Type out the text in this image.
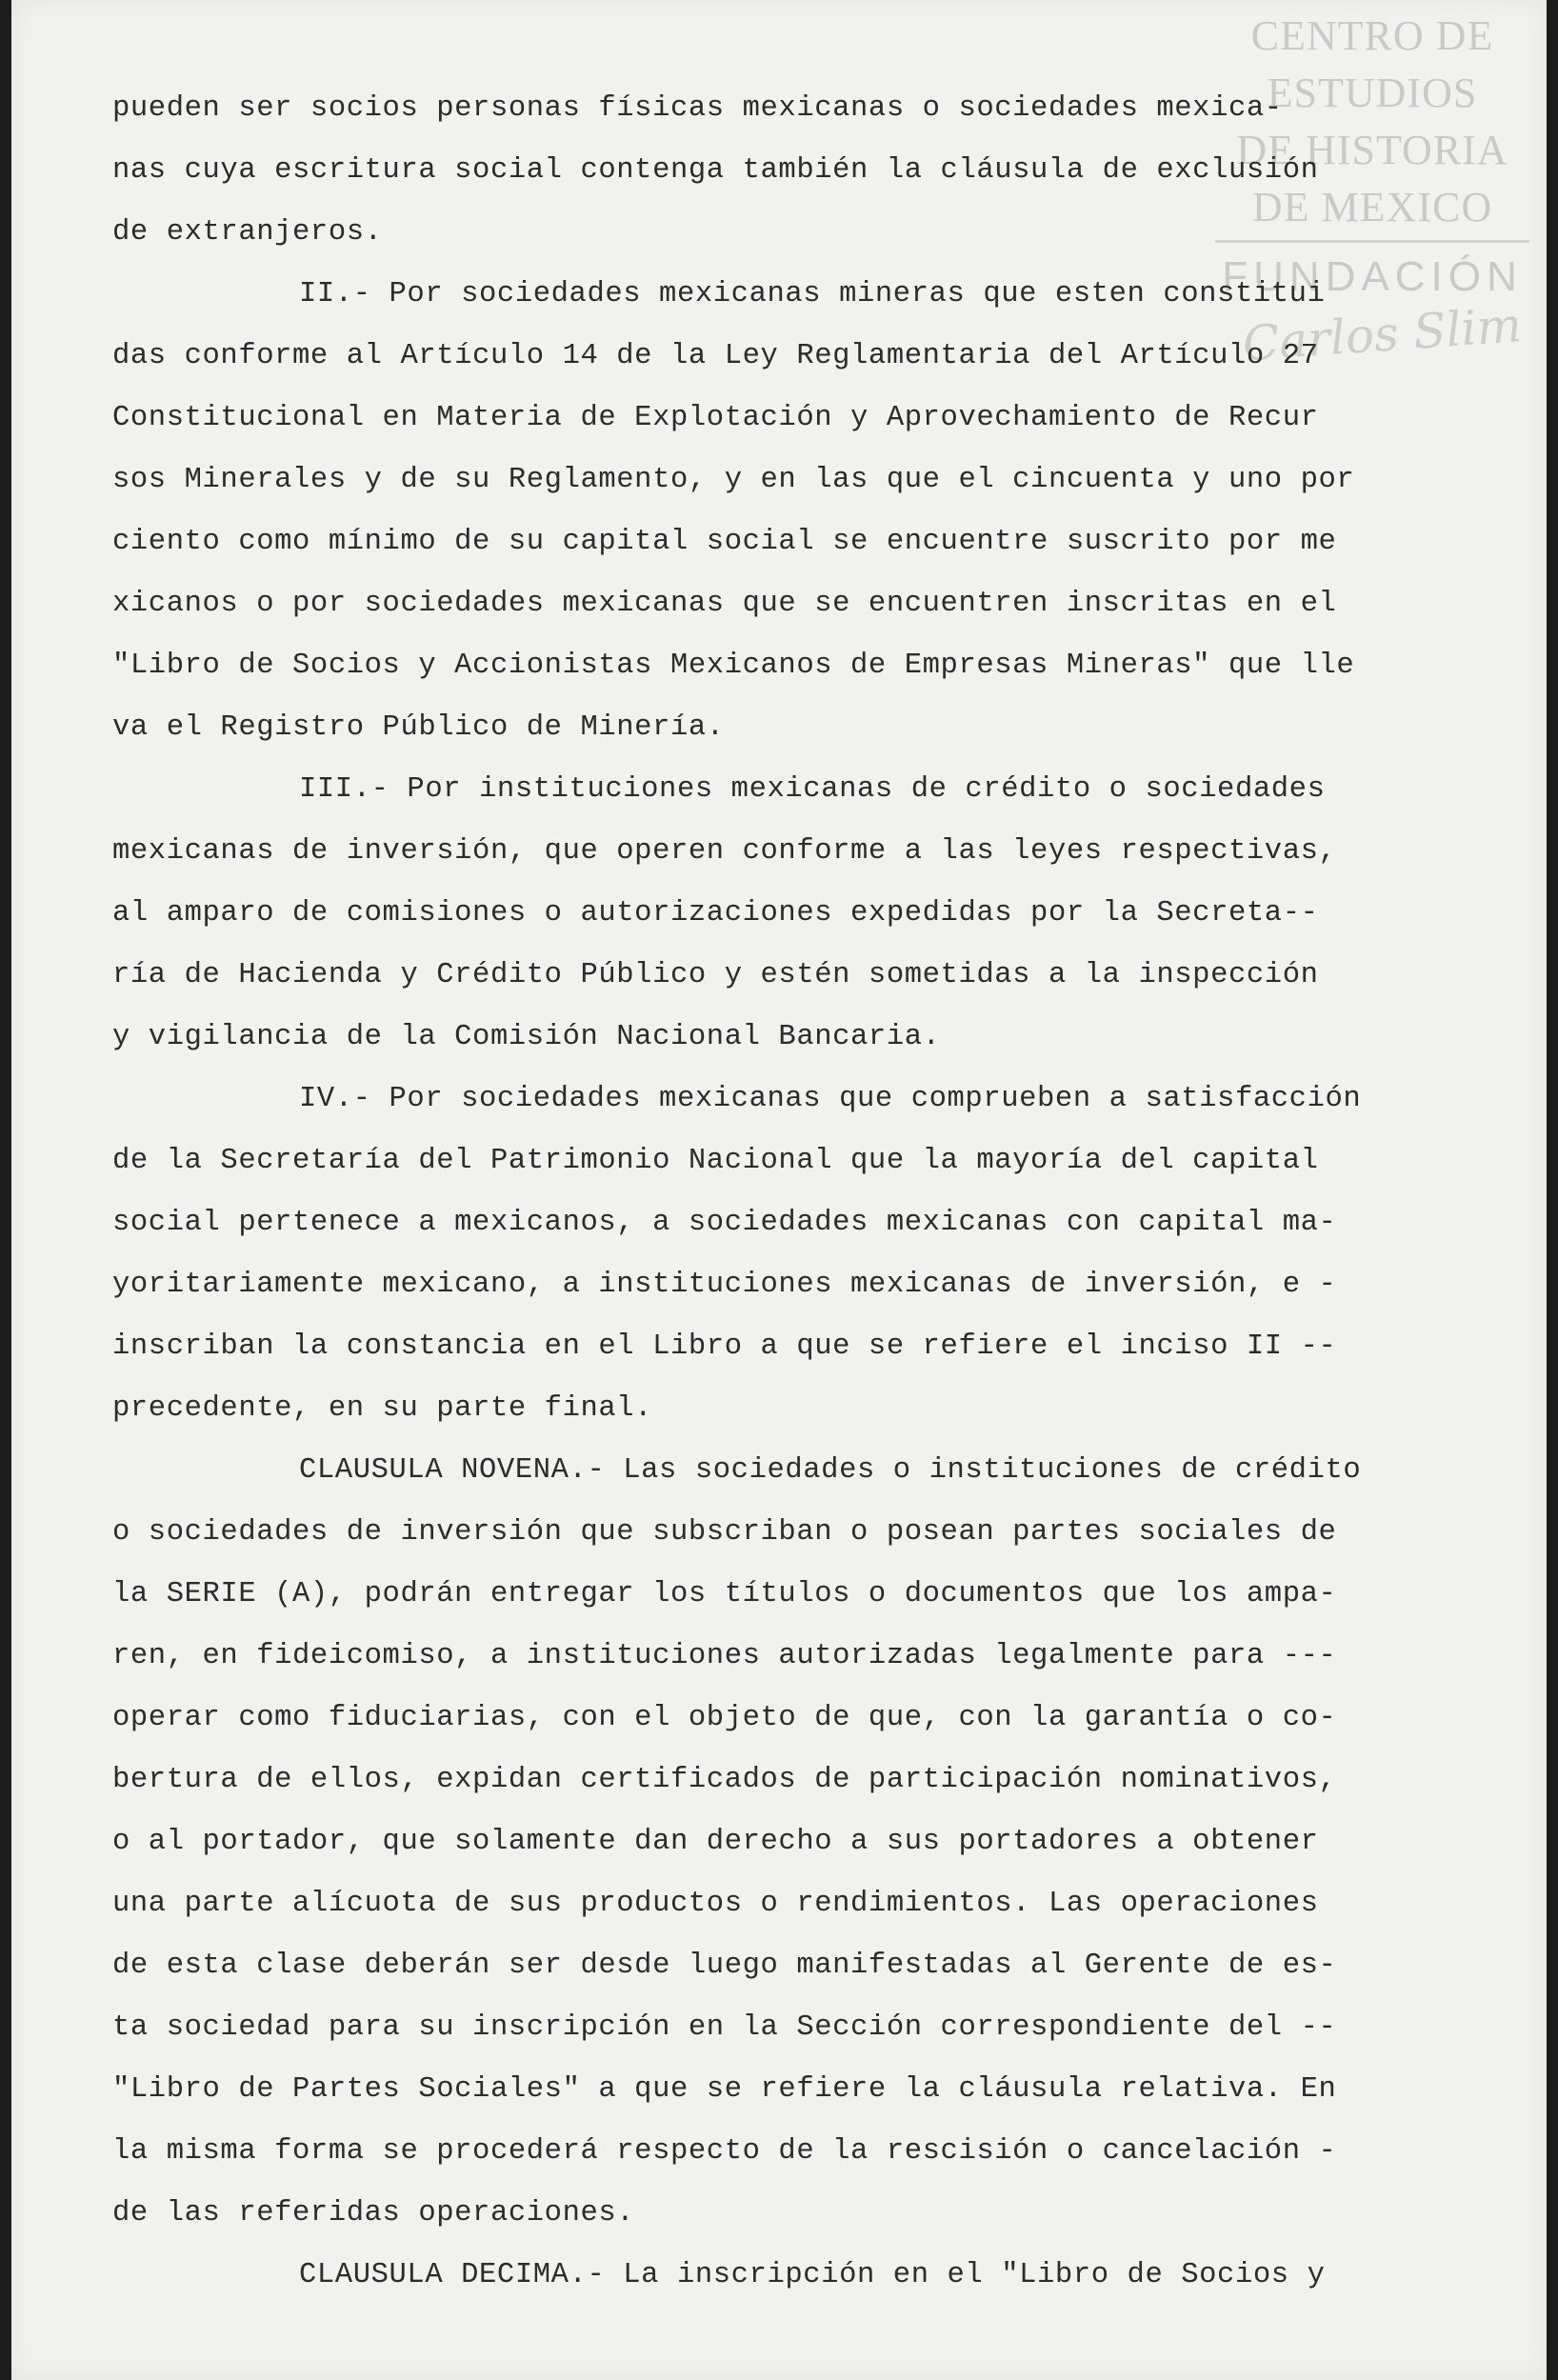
CENTRO DE
ESTUDIOS
DE HISTORIA
DE MEXICO
FUNDACIÓN
Carlos Slim
pueden ser socios personas físicas mexicanas o sociedades mexica-
nas cuya escritura social contenga también la cláusula de exclusión
de extranjeros.
II.- Por sociedades mexicanas mineras que esten constitui
das conforme al Artículo 14 de la Ley Reglamentaria del Artículo 27
Constitucional en Materia de Explotación y Aprovechamiento de Recur
sos Minerales y de su Reglamento, y en las que el cincuenta y uno por
ciento como mínimo de su capital social se encuentre suscrito por me
xicanos o por sociedades mexicanas que se encuentren inscritas en el
"Libro de Socios y Accionistas Mexicanos de Empresas Mineras" que lle
va el Registro Público de Minería.
III.- Por instituciones mexicanas de crédito o sociedades
mexicanas de inversión, que operen conforme a las leyes respectivas,
al amparo de comisiones o autorizaciones expedidas por la Secreta--
ría de Hacienda y Crédito Público y estén sometidas a la inspección
y vigilancia de la Comisión Nacional Bancaria.
IV.- Por sociedades mexicanas que comprueben a satisfacción
de la Secretaría del Patrimonio Nacional que la mayoría del capital
social pertenece a mexicanos, a sociedades mexicanas con capital ma-
yoritariamente mexicano, a instituciones mexicanas de inversión, e -
inscriban la constancia en el Libro a que se refiere el inciso II --
precedente, en su parte final.
CLAUSULA NOVENA.- Las sociedades o instituciones de crédito
o sociedades de inversión que subscriban o posean partes sociales de
la SERIE (A), podrán entregar los títulos o documentos que los ampa-
ren, en fideicomiso, a instituciones autorizadas legalmente para ---
operar como fiduciarias, con el objeto de que, con la garantía o co-
bertura de ellos, expidan certificados de participación nominativos,
o al portador, que solamente dan derecho a sus portadores a obtener
una parte alícuota de sus productos o rendimientos. Las operaciones
de esta clase deberán ser desde luego manifestadas al Gerente de es-
ta sociedad para su inscripción en la Sección correspondiente del --
"Libro de Partes Sociales" a que se refiere la cláusula relativa. En
la misma forma se procederá respecto de la rescisión o cancelación -
de las referidas operaciones.
CLAUSULA DECIMA.- La inscripción en el "Libro de Socios y
